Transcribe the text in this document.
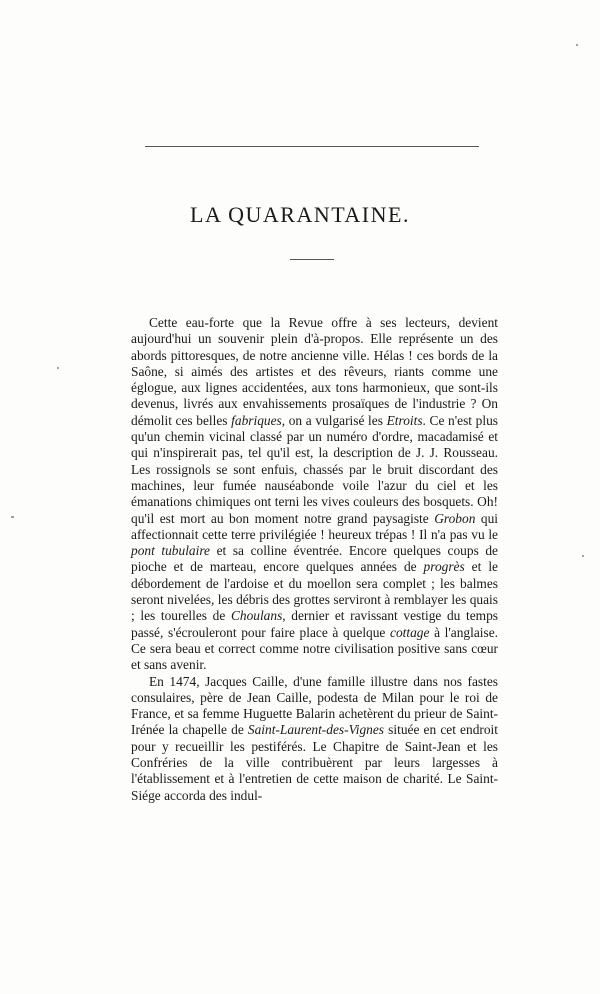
LA QUARANTAINE.

Cette eau-forte que la Revue offre à ses lecteurs, devient aujourd'hui un souvenir plein d'à-propos. Elle représente un des abords pittoresques, de notre ancienne ville. Hélas ! ces bords de la Saône, si aimés des artistes et des rêveurs, riants comme une églogue, aux lignes accidentées, aux tons harmonieux, que sont-ils devenus, livrés aux envahissements prosaïques de l'industrie ? On démolit ces belles fabriques, on a vulgarisé les Etroits. Ce n'est plus qu'un chemin vicinal classé par un numéro d'ordre, macadamisé et qui n'inspirerait pas, tel qu'il est, la description de J. J. Rousseau. Les rossignols se sont enfuis, chassés par le bruit discordant des machines, leur fumée nauséabonde voile l'azur du ciel et les émanations chimiques ont terni les vives couleurs des bosquets. Oh! qu'il est mort au bon moment notre grand paysagiste Grobon qui affectionnait cette terre privilégiée ! heureux trépas ! Il n'a pas vu le pont tubulaire et sa colline éventrée. Encore quelques coups de pioche et de marteau, encore quelques années de progrès et le débordement de l'ardoise et du moellon sera complet ; les balmes seront nivelées, les débris des grottes serviront à remblayer les quais ; les tourelles de Choulans, dernier et ravissant vestige du temps passé, s'écrouleront pour faire place à quelque cottage à l'anglaise. Ce sera beau et correct comme notre civilisation positive sans cœur et sans avenir.

En 1474, Jacques Caille, d'une famille illustre dans nos fastes consulaires, père de Jean Caille, podesta de Milan pour le roi de France, et sa femme Huguette Balarin achetèrent du prieur de Saint-Irénée la chapelle de Saint-Laurent-des-Vignes située en cet endroit pour y recueillir les pestiférés. Le Chapitre de Saint-Jean et les Confréries de la ville contribuèrent par leurs largesses à l'établissement et à l'entretien de cette maison de charité. Le Saint-Siége accorda des indul-
